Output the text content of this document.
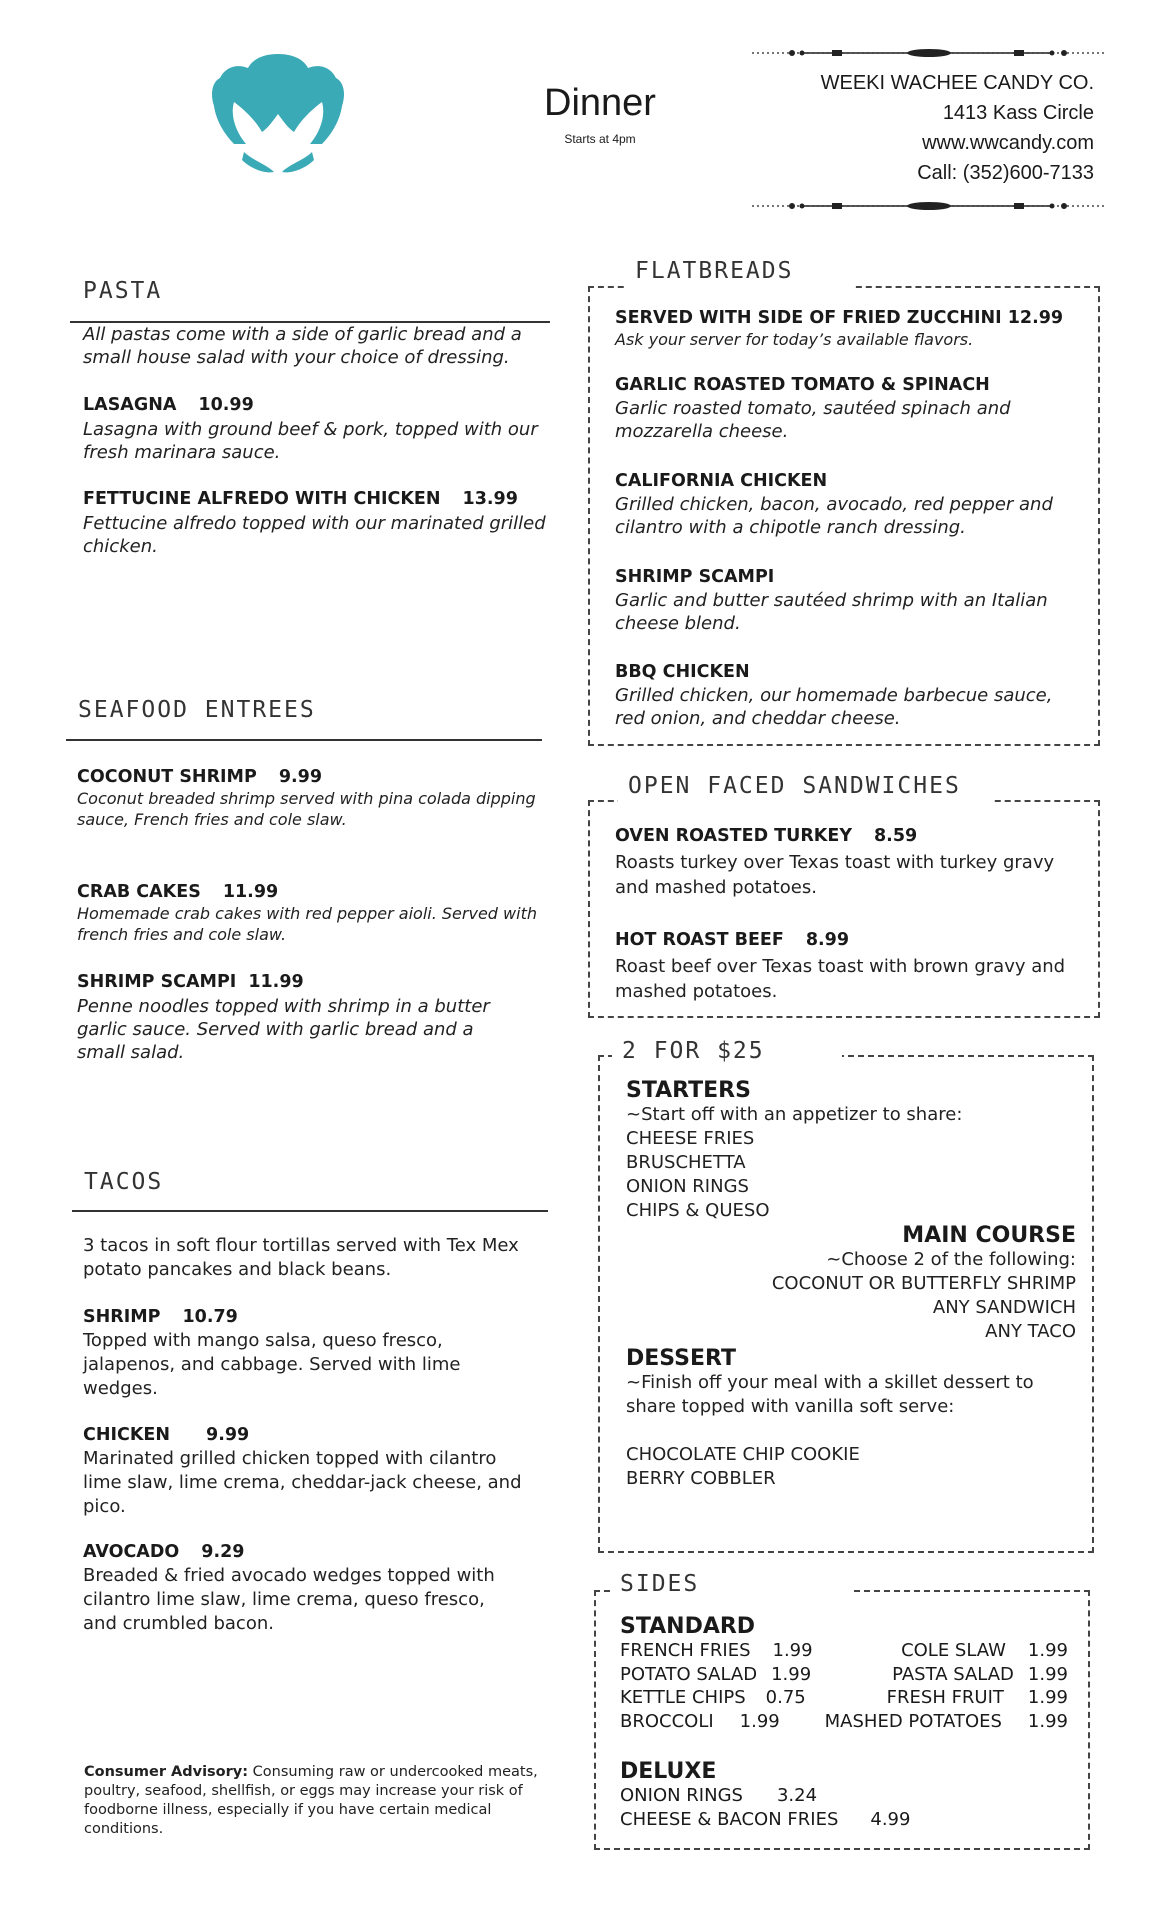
Dinner
Starts at 4pm
WEEKI WACHEE CANDY CO.
1413 Kass Circle
www.wwcandy.com
Call: (352)600-7133
PASTA
All pastas come with a side of garlic bread and a small house salad with your choice of dressing.
LASAGNA 10.99
Lasagna with ground beef & pork, topped with our fresh marinara sauce.
FETTUCINE ALFREDO WITH CHICKEN 13.99
Fettucine alfredo topped with our marinated grilled chicken.
SEAFOOD ENTREES
COCONUT SHRIMP 9.99
Coconut breaded shrimp served with pina colada dipping sauce, French fries and cole slaw.
CRAB CAKES 11.99
Homemade crab cakes with red pepper aioli. Served with french fries and cole slaw.
SHRIMP SCAMPI 11.99
Penne noodles topped with shrimp in a butter garlic sauce. Served with garlic bread and a small salad.
TACOS
3 tacos in soft flour tortillas served with Tex Mex potato pancakes and black beans.
SHRIMP 10.79
Topped with mango salsa, queso fresco, jalapenos, and cabbage. Served with lime wedges.
CHICKEN 9.99
Marinated grilled chicken topped with cilantro lime slaw, lime crema, cheddar-jack cheese, and pico.
AVOCADO 9.29
Breaded & fried avocado wedges topped with cilantro lime slaw, lime crema, queso fresco, and crumbled bacon.
Consumer Advisory: Consuming raw or undercooked meats, poultry, seafood, shellfish, or eggs may increase your risk of foodborne illness, especially if you have certain medical conditions.
FLATBREADS
SERVED WITH SIDE OF FRIED ZUCCHINI 12.99
Ask your server for today’s available flavors.
GARLIC ROASTED TOMATO & SPINACH
Garlic roasted tomato, sautéed spinach and mozzarella cheese.
CALIFORNIA CHICKEN
Grilled chicken, bacon, avocado, red pepper and cilantro with a chipotle ranch dressing.
SHRIMP SCAMPI
Garlic and butter sautéed shrimp with an Italian cheese blend.
BBQ CHICKEN
Grilled chicken, our homemade barbecue sauce, red onion, and cheddar cheese.
OPEN FACED SANDWICHES
OVEN ROASTED TURKEY 8.59
Roasts turkey over Texas toast with turkey gravy and mashed potatoes.
HOT ROAST BEEF 8.99
Roast beef over Texas toast with brown gravy and mashed potatoes.
2 FOR $25
STARTERS
~Start off with an appetizer to share:
CHEESE FRIES
BRUSCHETTA
ONION RINGS
CHIPS & QUESO
MAIN COURSE
~Choose 2 of the following:
COCONUT OR BUTTERFLY SHRIMP
ANY SANDWICH
ANY TACO
DESSERT
~Finish off your meal with a skillet dessert to share topped with vanilla soft serve:
CHOCOLATE CHIP COOKIE
BERRY COBBLER
SIDES
STANDARD
FRENCH FRIES 1.99	COLE SLAW 1.99
POTATO SALAD 1.99	PASTA SALAD 1.99
KETTLE CHIPS 0.75	FRESH FRUIT 1.99
BROCCOLI 1.99 MASHED POTATOES 1.99
DELUXE
ONION RINGS 3.24
CHEESE & BACON FRIES 4.99
